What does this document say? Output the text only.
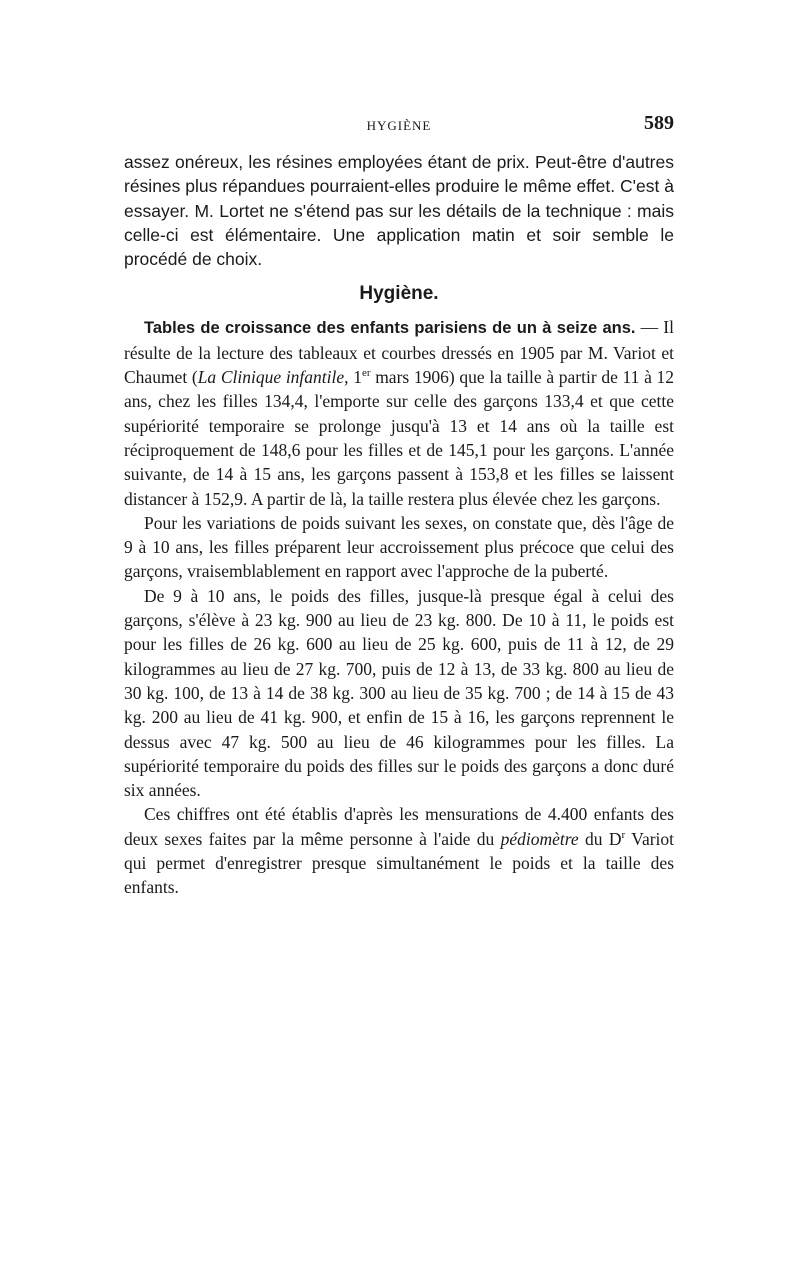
HYGIÈNE	589

assez onéreux, les résines employées étant de prix. Peut-être d'autres résines plus répandues pourraient-elles produire le même effet. C'est à essayer. M. Lortet ne s'étend pas sur les détails de la technique : mais celle-ci est élémentaire. Une application matin et soir semble le procédé de choix.

Hygiène.

Tables de croissance des enfants parisiens de un à seize ans. — Il résulte de la lecture des tableaux et courbes dressés en 1905 par M. Variot et Chaumet (La Clinique infantile, 1er mars 1906) que la taille à partir de 11 à 12 ans, chez les filles 134,4, l'emporte sur celle des garçons 133,4 et que cette supériorité temporaire se prolonge jusqu'à 13 et 14 ans où la taille est réciproquement de 148,6 pour les filles et de 145,1 pour les garçons. L'année suivante, de 14 à 15 ans, les garçons passent à 153,8 et les filles se laissent distancer à 152,9. A partir de là, la taille restera plus élevée chez les garçons.

Pour les variations de poids suivant les sexes, on constate que, dès l'âge de 9 à 10 ans, les filles préparent leur accroissement plus précoce que celui des garçons, vraisemblablement en rapport avec l'approche de la puberté.

De 9 à 10 ans, le poids des filles, jusque-là presque égal à celui des garçons, s'élève à 23 kg. 900 au lieu de 23 kg. 800. De 10 à 11, le poids est pour les filles de 26 kg. 600 au lieu de 25 kg. 600, puis de 11 à 12, de 29 kilogrammes au lieu de 27 kg. 700, puis de 12 à 13, de 33 kg. 800 au lieu de 30 kg. 100, de 13 à 14 de 38 kg. 300 au lieu de 35 kg. 700 ; de 14 à 15 de 43 kg. 200 au lieu de 41 kg. 900, et enfin de 15 à 16, les garçons reprennent le dessus avec 47 kg. 500 au lieu de 46 kilogrammes pour les filles. La supériorité temporaire du poids des filles sur le poids des garçons a donc duré six années.

Ces chiffres ont été établis d'après les mensurations de 4.400 enfants des deux sexes faites par la même personne à l'aide du pédiomètre du $D^r$ Variot qui permet d'enregistrer presque simultanément le poids et la taille des enfants.
